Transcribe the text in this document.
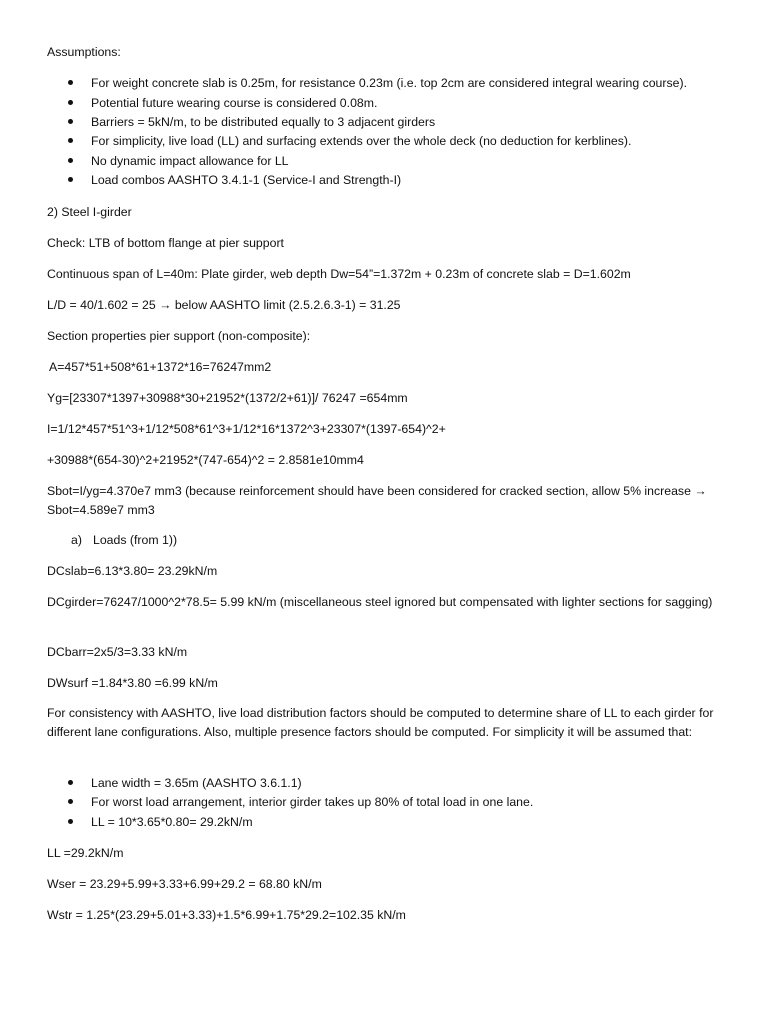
Assumptions:
For weight concrete slab is 0.25m, for resistance 0.23m (i.e. top 2cm are considered integral wearing course).
Potential future wearing course is considered 0.08m.
Barriers = 5kN/m, to be distributed equally to 3 adjacent girders
For simplicity, live load (LL) and surfacing extends over the whole deck (no deduction for kerblines).
No dynamic impact allowance for LL
Load combos AASHTO 3.4.1-1 (Service-I and Strength-I)
2) Steel I-girder
Check: LTB of bottom flange at pier support
Continuous span of L=40m: Plate girder, web depth Dw=54”=1.372m + 0.23m of concrete slab = D=1.602m
L/D = 40/1.602 = 25 → below AASHTO limit (2.5.2.6.3-1) = 31.25
Section properties pier support (non-composite):
A=457*51+508*61+1372*16=76247mm2
Yg=[23307*1397+30988*30+21952*(1372/2+61)]/ 76247 =654mm
I=1/12*457*51^3+1/12*508*61^3+1/12*16*1372^3+23307*(1397-654)^2+
+30988*(654-30)^2+21952*(747-654)^2 = 2.8581e10mm4
Sbot=I/yg=4.370e7 mm3 (because reinforcement should have been considered for cracked section, allow 5% increase → Sbot=4.589e7 mm3
a) Loads (from 1))
DCslab=6.13*3.80= 23.29kN/m
DCgirder=76247/1000^2*78.5= 5.99 kN/m (miscellaneous steel ignored but compensated with lighter sections for sagging)
DCbarr=2x5/3=3.33 kN/m
DWsurf =1.84*3.80 =6.99 kN/m
For consistency with AASHTO, live load distribution factors should be computed to determine share of LL to each girder for different lane configurations. Also, multiple presence factors should be computed. For simplicity it will be assumed that:
Lane width = 3.65m (AASHTO 3.6.1.1)
For worst load arrangement, interior girder takes up 80% of total load in one lane.
LL = 10*3.65*0.80= 29.2kN/m
LL =29.2kN/m
Wser = 23.29+5.99+3.33+6.99+29.2 = 68.80 kN/m
Wstr = 1.25*(23.29+5.01+3.33)+1.5*6.99+1.75*29.2=102.35 kN/m
